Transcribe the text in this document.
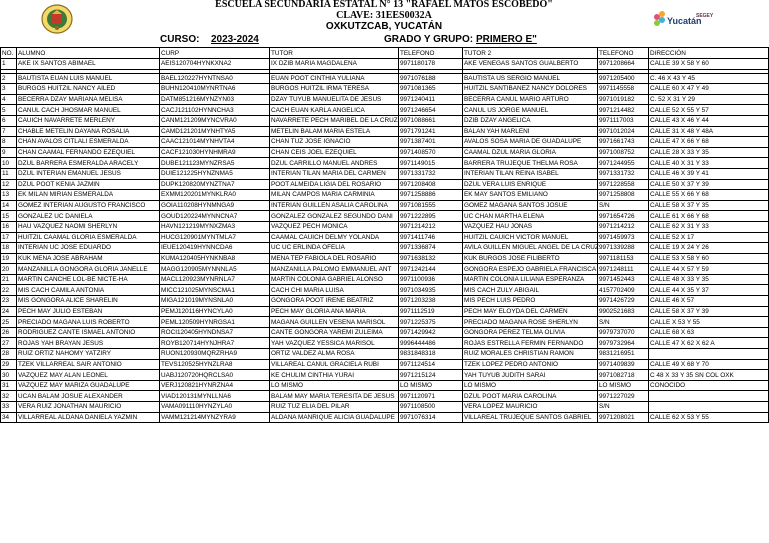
ESCUELA SECUNDARIA ESTATAL N° 13 "RAFAEL MATOS ESCOBEDO"
CLAVE: 31EES0032A
OXKUTZCAB, YUCATÁN
CURSO: 2023-2024	GRADO Y GRUPO: PRIMERO E"
Yucatán
SEGEY
NO.	ALUMNO	CURP	TUTOR	TELEFONO	TUTOR 2	TELEFONO	DIRECCIÓN
1	AKE IX SANTOS ABIMAEL	AEIS120704HYNKXNA2	IX DZIB MARIA MAGDALENA	9971180178	AKE VENEGAS SANTOS GUALBERTO	9971208664	CALLE 39 X 58 Y 60

2	BAUTISTA EUAN LUIS MANUEL	BAEL120227HYNTNSA0	EUAN POOT CINTHIA YULIANA	9971076188	BAUTISTA US SERGIO MANUEL	9971205400	C. 46 X 43 Y 45
3	BURGOS HUITZIL NANCY AILED	BUHN120410MYNRTNA6	BURGOS HUITZIL IRMA TERESA	9971081365	HUITZIL SANTIBANEZ NANCY DOLORES	9971145558	CALLE 60 X 47 Y 49
4	BECERRA DZAY MARIANA MELISA	DATM851216MYNZYN03	DZAY TUYUB MANUELITA DE JESUS	9971240411	BECERRA CANUL MARIO ARTURO	9971019182	C. 52 X 31 Y 29
5	CANUL CACH JHOSMAR MANUEL	CACJ121102HYNNCHA3	CACH EUAN KARLA ANGELICA	9971246654	CANUL US JORGE MANUEL	9971214482	CALLE 52 X 55 Y 57
6	CAUICH NAVARRETE MERLENY	CANM121209MYNCVRA0	NAVARRETE PECH MARIBEL DE LA CRUZ	9971088661	DZIB DZAY ANGELICA	9971117003	CALLE 43 X 46 Y 44
7	CHABLE METELIN DAYANA ROSALIA	CAMD121201MYNHTYA5	METELIN BALAM MARIA ESTELA	9971791241	BALAN YAH MARLENI	9971012024	CALLE 31 X 48 Y 48A
8	CHAN AVALOS CITLALI ESMERALDA	CAAC121014MYNHVTA4	CHAN TUZ JOSE IGNACIO	9971387401	AVALOS SOSA MARIA DE GUADALUPE	9971661743	CALLE 47 X 66 Y 68
9	CHAN CAAMAL FERNANDO EZEQUIEL	CACF121030HYNHMRA9	CHAN CEIS JOEL EZEQUIEL	9971408570	CAAMAL DZUL MARIA GLORIA	9971008752	CALLE 28 X 33 Y 35
10	DZUL BARRERA ESMERALDA ARACELY	DUBE121123MYNZRSA5	DZUL CARRILLO MANUEL ANDRES	9971149015	BARRERA TRUJEQUE THELMA ROSA	9971244955	CALLE 40 X 31 Y 33
11	DZUL INTERIAN EMANUEL JESUS	DUIE121225HYNZNMA5	INTERIAN TILAN MARIA DEL CARMEN	9971331732	INTERIAN TILAN REINA ISABEL	9971331732	CALLE 46 X 39 Y 41
12	DZUL POOT KENIA JAZMIN	DUPK120820MYNZTNA7	POOT ALMEIDA LIGIA DEL ROSARIO	9971208408	DZUL VERA LUIS ENRIQUE	9971228558	CALLE 50 X 37 Y 39
13	EK MILAN MIRIAN ESMERALDA	EXMM120201MYNKLRA0	MILAN CAMPOS MARIA CARMINIA	9971258886	EK MAY SANTOS EMILIANO	9971258808	CALLE 55 X 66 Y 68
14	GOMEZ INTERIAN AUGUSTO FRANCISCO	GOIA110208HYNMNGA9	INTERIAN GUILLEN ASALIA CAROLINA	9971081555	GOMEZ MAGANA SANTOS JOSUE	S/N	CALLE 58 X 37 Y 35
15	GONZALEZ UC DANIELA	GOUD120224MYNNCNA7	GONZALEZ GONZALEZ SEGUNDO DANI	9971222895	UC CHAN MARTHA ELENA	9971654726	CALLE 61 X 66 Y 68
16	HAU VAZQUEZ NAOMI SHERLYN	HAVN121219MYNXZMA3	VAZQUEZ PECH MONICA	9971214212	VAZQUEZ HAU JONAS	9971214212	CALLE 62 X 31 Y 33
17	HUITZIL CAAMAL GLORIA ESMERALDA	HUCG120901MYNTMLA7	CAAMAL CAUICH DELMY YOLANDA	9971411746	HUITZIL CAUICH VICTOR MANUEL	9971459973	CALLE 52 X 17
18	INTERIAN UC JOSE EDUARDO	IEUE120419HYNNCDA6	UC UC ERLINDA OFELIA	9971336874	AVILA GUILLEN MIGUEL ANGEL DE LA CRUZ	9971339288	CALLE 19 X 24 Y 26
19	KUK MENA JOSE ABRAHAM	KUMA120405HYNKNBA8	MENA TEP FABIOLA DEL ROSARIO	9971638132	KUK BURGOS JOSE FILIBERTO	9971181153	CALLE 53 X 58 Y 60
20	MANZANILLA GONGORA GLORIA JANELLE	MAGG120905MYNNNLA5	MANZANILLA PALOMO EMMANUEL ANT	9971242144	GONGORA ESPEJO GABRIELA FRANCISCA	9971248111	CALLE 44 X 57 Y 59
21	MARTIN CANCHE LOL-BE NICTE-HA	MACL120923MYNRNLA7	MARTIN COLONIA GABRIEL ALONSO	9971100936	MARTIN COLONIA LILIANA ESPERANZA	9971452443	CALLE 48 X 33 Y 35
22	MIS CACH CAMILA ANTONIA	MICC121025MYNSCMA1	CACH CHI MARIA LUISA	9971034935	MIS CACH ZULY ABIGAIL	4157702409	CALLE 44 X 35 Y 37
23	MIS GONGORA ALICE SHARELIN	MIGA121019MYNSNLA0	GONGORA POOT IRENE BEATRIZ	9971203238	MIS PECH LUIS PEDRO	9971426729	CALLE 46 X 57
24	PECH MAY JULIO ESTEBAN	PEMJ120116HYNCYLA0	PECH MAY GLORIA ANA MARIA	9971112519	PECH MAY ELOYDA DEL CARMEN	9902521683	CALLE 58 X 37 Y 39
25	PRECIADO MAGANA LUIS ROBERTO	PEML120509HYNRGSA1	MAGANA GUILLEN VESENA MARISOL	9971225375	PRECIADO MAGANA ROSE SHERLYN	S/N	CALLE X 53 Y 55
26	RODRIGUEZ CANTE ISMAEL ANTONIO	ROCI120405HYNDNSA7	CANTE GONGORA YAREMI ZULEIMA	9971429942	GONGORA PEREZ TELMA OLIVIA	9979737070	CALLE 68 X 63
27	ROJAS YAH BRAYAN JESUS	ROYB120714HYNJHRA7	YAH VAZQUEZ YESSICA MARISOL	9996444486	ROJAS ESTRELLA FERMIN FERNANDO	9979732964	CALLE 47 X 62 X 62 A
28	RUIZ ORTIZ NAHOMY YATZIRY	RUON120930MQRZRHA9	ORTIZ VALDEZ ALMA ROSA	9831848318	RUIZ MORALES CHRISTIAN RAMON	9831216951	
29	TZEK VILLARREAL SAIR ANTONIO	TEVS120525HYNZLRA8	VILLAREAL CANUL GRACIELA RUBI	9971124514	TZEK LOPEZ PEDRO ANTONIO	9971409839	CALLE 49 X 68 Y 70
30	VAZQUEZ MAY ALAN LEONEL	UABJ120720HQRCLSA0	KE CHULIM CINTHIA YURAI	9971215124	YAH TUYUB JUDITH SARAI	9971082718	C 48 X 33 Y 35 SN COL OXK
31	VAZQUEZ MAY MARIZA GUADALUPE	VERJ120821HYNRZNA4	LO MISMO	LO MISMO	LO MISMO	LO MISMO	CONOCIDO
32	UCAN BALAM JOSUE ALEXANDER	VIAD120131MYNLLNA6	BALAM MAY MARIA TERESITA DE JESUS	9971120971	DZUL POOT MARIA CAROLINA	9971227029	
33	VERA RUIZ JONATHAN MAURICIO	VAMA091110HYNZYLA0	RUIZ TUZ ELIA DEL PILAR	9971108500	VERA LOPEZ MAURICIO	S/N	
34	VILLARREAL ALDANA DANIELA YAZMIN	VAMM121214MYNZYRA9	ALDANA MANRIQUE ALICIA GUADALUPE	9971076314	VILLAREAL TRUJEQUE SANTOS GABRIEL	9971208021	CALLE 62 X 53 Y 55
